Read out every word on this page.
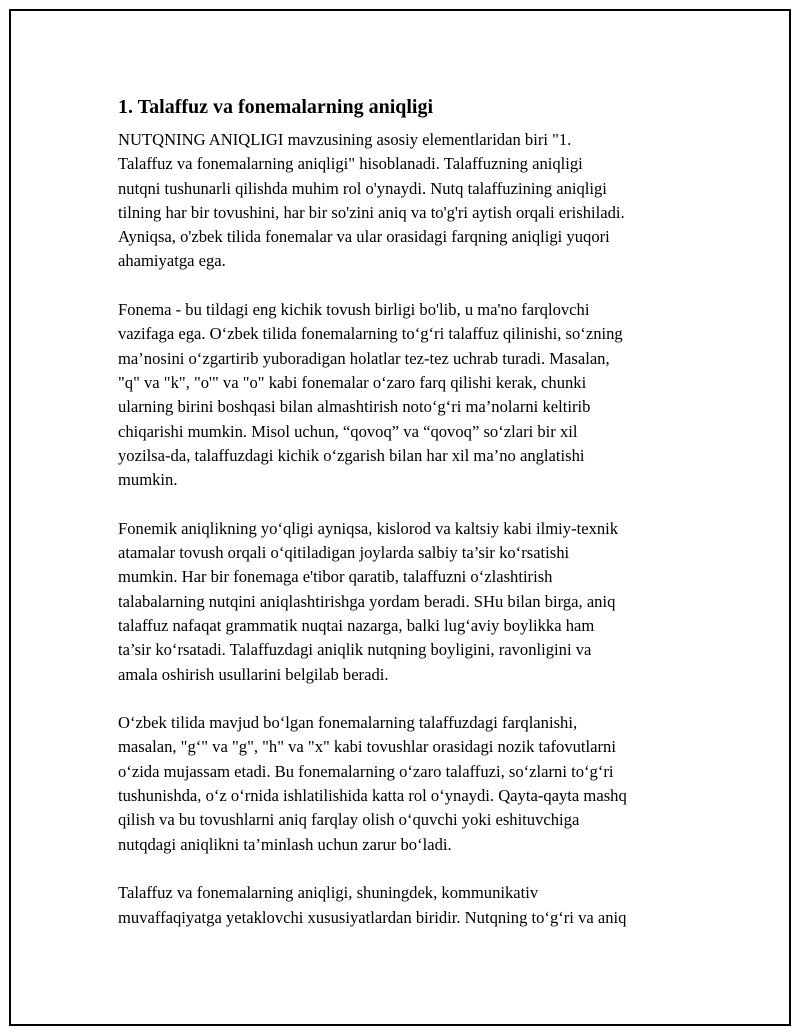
1. Talaffuz va fonemalarning aniqligi
NUTQNING ANIQLIGI mavzusining asosiy elementlaridan biri "1.
Talaffuz va fonemalarning aniqligi" hisoblanadi. Talaffuzning aniqligi
nutqni tushunarli qilishda muhim rol o'ynaydi. Nutq talaffuzining aniqligi
tilning har bir tovushini, har bir so'zini aniq va to'g'ri aytish orqali erishiladi.
Ayniqsa, o'zbek tilida fonemalar va ular orasidagi farqning aniqligi yuqori
ahamiyatga ega.
Fonema - bu tildagi eng kichik tovush birligi bo'lib, u ma'no farqlovchi
vazifaga ega. O‘zbek tilida fonemalarning to‘g‘ri talaffuz qilinishi, so‘zning
ma’nosini o‘zgartirib yuboradigan holatlar tez-tez uchrab turadi. Masalan,
"q" va "k", "o'" va "o" kabi fonemalar o‘zaro farq qilishi kerak, chunki
ularning birini boshqasi bilan almashtirish noto‘g‘ri ma’nolarni keltirib
chiqarishi mumkin. Misol uchun, “qovoq” va “qovoq” so‘zlari bir xil
yozilsa-da, talaffuzdagi kichik o‘zgarish bilan har xil ma’no anglatishi
mumkin.
Fonemik aniqlikning yo‘qligi ayniqsa, kislorod va kaltsiy kabi ilmiy-texnik
atamalar tovush orqali o‘qitiladigan joylarda salbiy ta’sir ko‘rsatishi
mumkin. Har bir fonemaga e'tibor qaratib, talaffuzni o‘zlashtirish
talabalarning nutqini aniqlashtirishga yordam beradi. SHu bilan birga, aniq
talaffuz nafaqat grammatik nuqtai nazarga, balki lug‘aviy boylikka ham
ta’sir ko‘rsatadi. Talaffuzdagi aniqlik nutqning boyligini, ravonligini va
amala oshirish usullarini belgilab beradi.
O‘zbek tilida mavjud bo‘lgan fonemalarning talaffuzdagi farqlanishi,
masalan, "g‘" va "g", "h" va "x" kabi tovushlar orasidagi nozik tafovutlarni
o‘zida mujassam etadi. Bu fonemalarning o‘zaro talaffuzi, so‘zlarni to‘g‘ri
tushunishda, o‘z o‘rnida ishlatilishida katta rol o‘ynaydi. Qayta-qayta mashq
qilish va bu tovushlarni aniq farqlay olish o‘quvchi yoki eshituvchiga
nutqdagi aniqlikni ta’minlash uchun zarur bo‘ladi.
Talaffuz va fonemalarning aniqligi, shuningdek, kommunikativ
muvaffaqiyatga yetaklovchi xususiyatlardan biridir. Nutqning to‘g‘ri va aniq
